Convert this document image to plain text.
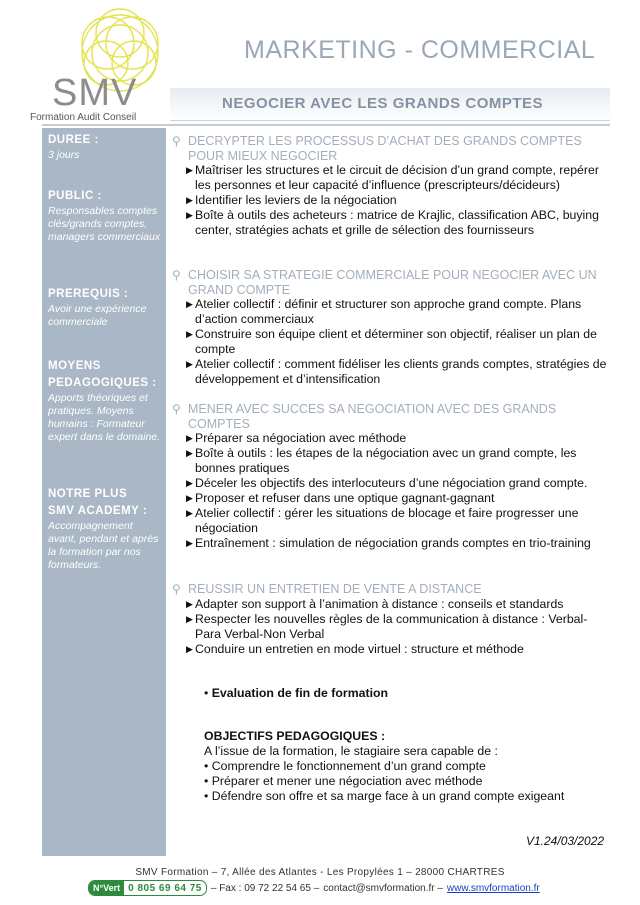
SMV
Formation Audit Conseil
MARKETING - COMMERCIAL
NEGOCIER AVEC LES GRANDS COMPTES
DUREE :
3 jours
PUBLIC :
Responsables comptes clés/grands comptes, managers commerciaux
PREREQUIS :
Avoir une expérience commerciale
MOYENS
PEDAGOGIQUES :
Apports théoriques et pratiques. Moyens humains : Formateur expert dans le domaine.
NOTRE PLUS
SMV ACADEMY :
Accompagnement avant, pendant et après la formation par nos formateurs.
⚲ DECRYPTER LES PROCESSUS D’ACHAT DES GRANDS COMPTES POUR MIEUX NEGOCIER
▶ Maîtriser les structures et le circuit de décision d’un grand compte, repérer les personnes et leur capacité d’influence (prescripteurs/décideurs)
▶ Identifier les leviers de la négociation
▶ Boîte à outils des acheteurs : matrice de Krajlic, classification ABC, buying center, stratégies achats et grille de sélection des fournisseurs
⚲ CHOISIR SA STRATEGIE COMMERCIALE POUR NEGOCIER AVEC UN GRAND COMPTE
▶ Atelier collectif : définir et structurer son approche grand compte. Plans d’action commerciaux
▶ Construire son équipe client et déterminer son objectif, réaliser un plan de compte
▶ Atelier collectif : comment fidéliser les clients grands comptes, stratégies de développement et d’intensification
⚲ MENER AVEC SUCCES SA NEGOCIATION AVEC DES GRANDS COMPTES
▶ Préparer sa négociation avec méthode
▶ Boîte à outils : les étapes de la négociation avec un grand compte, les bonnes pratiques
▶ Déceler les objectifs des interlocuteurs d’une négociation grand compte.
▶ Proposer et refuser dans une optique gagnant-gagnant
▶ Atelier collectif : gérer les situations de blocage et faire progresser une négociation
▶ Entraînement : simulation de négociation grands comptes en trio-training
⚲ REUSSIR UN ENTRETIEN DE VENTE A DISTANCE
▶ Adapter son support à l’animation à distance : conseils et standards
▶ Respecter les nouvelles règles de la communication à distance : Verbal-Para Verbal-Non Verbal
▶ Conduire un entretien en mode virtuel : structure et méthode
• Evaluation de fin de formation
OBJECTIFS PEDAGOGIQUES :
A l’issue de la formation, le stagiaire sera capable de :
• Comprendre le fonctionnement d’un grand compte
• Préparer et mener une négociation avec méthode
• Défendre son offre et sa marge face à un grand compte exigeant
V1.24/03/2022
SMV Formation – 7, Allée des Atlantes - Les Propylées 1 – 28000 CHARTRES
N°Vert 0 805 69 64 75 – Fax : 09 72 22 54 65 – contact@smvformation.fr – www.smvformation.fr
